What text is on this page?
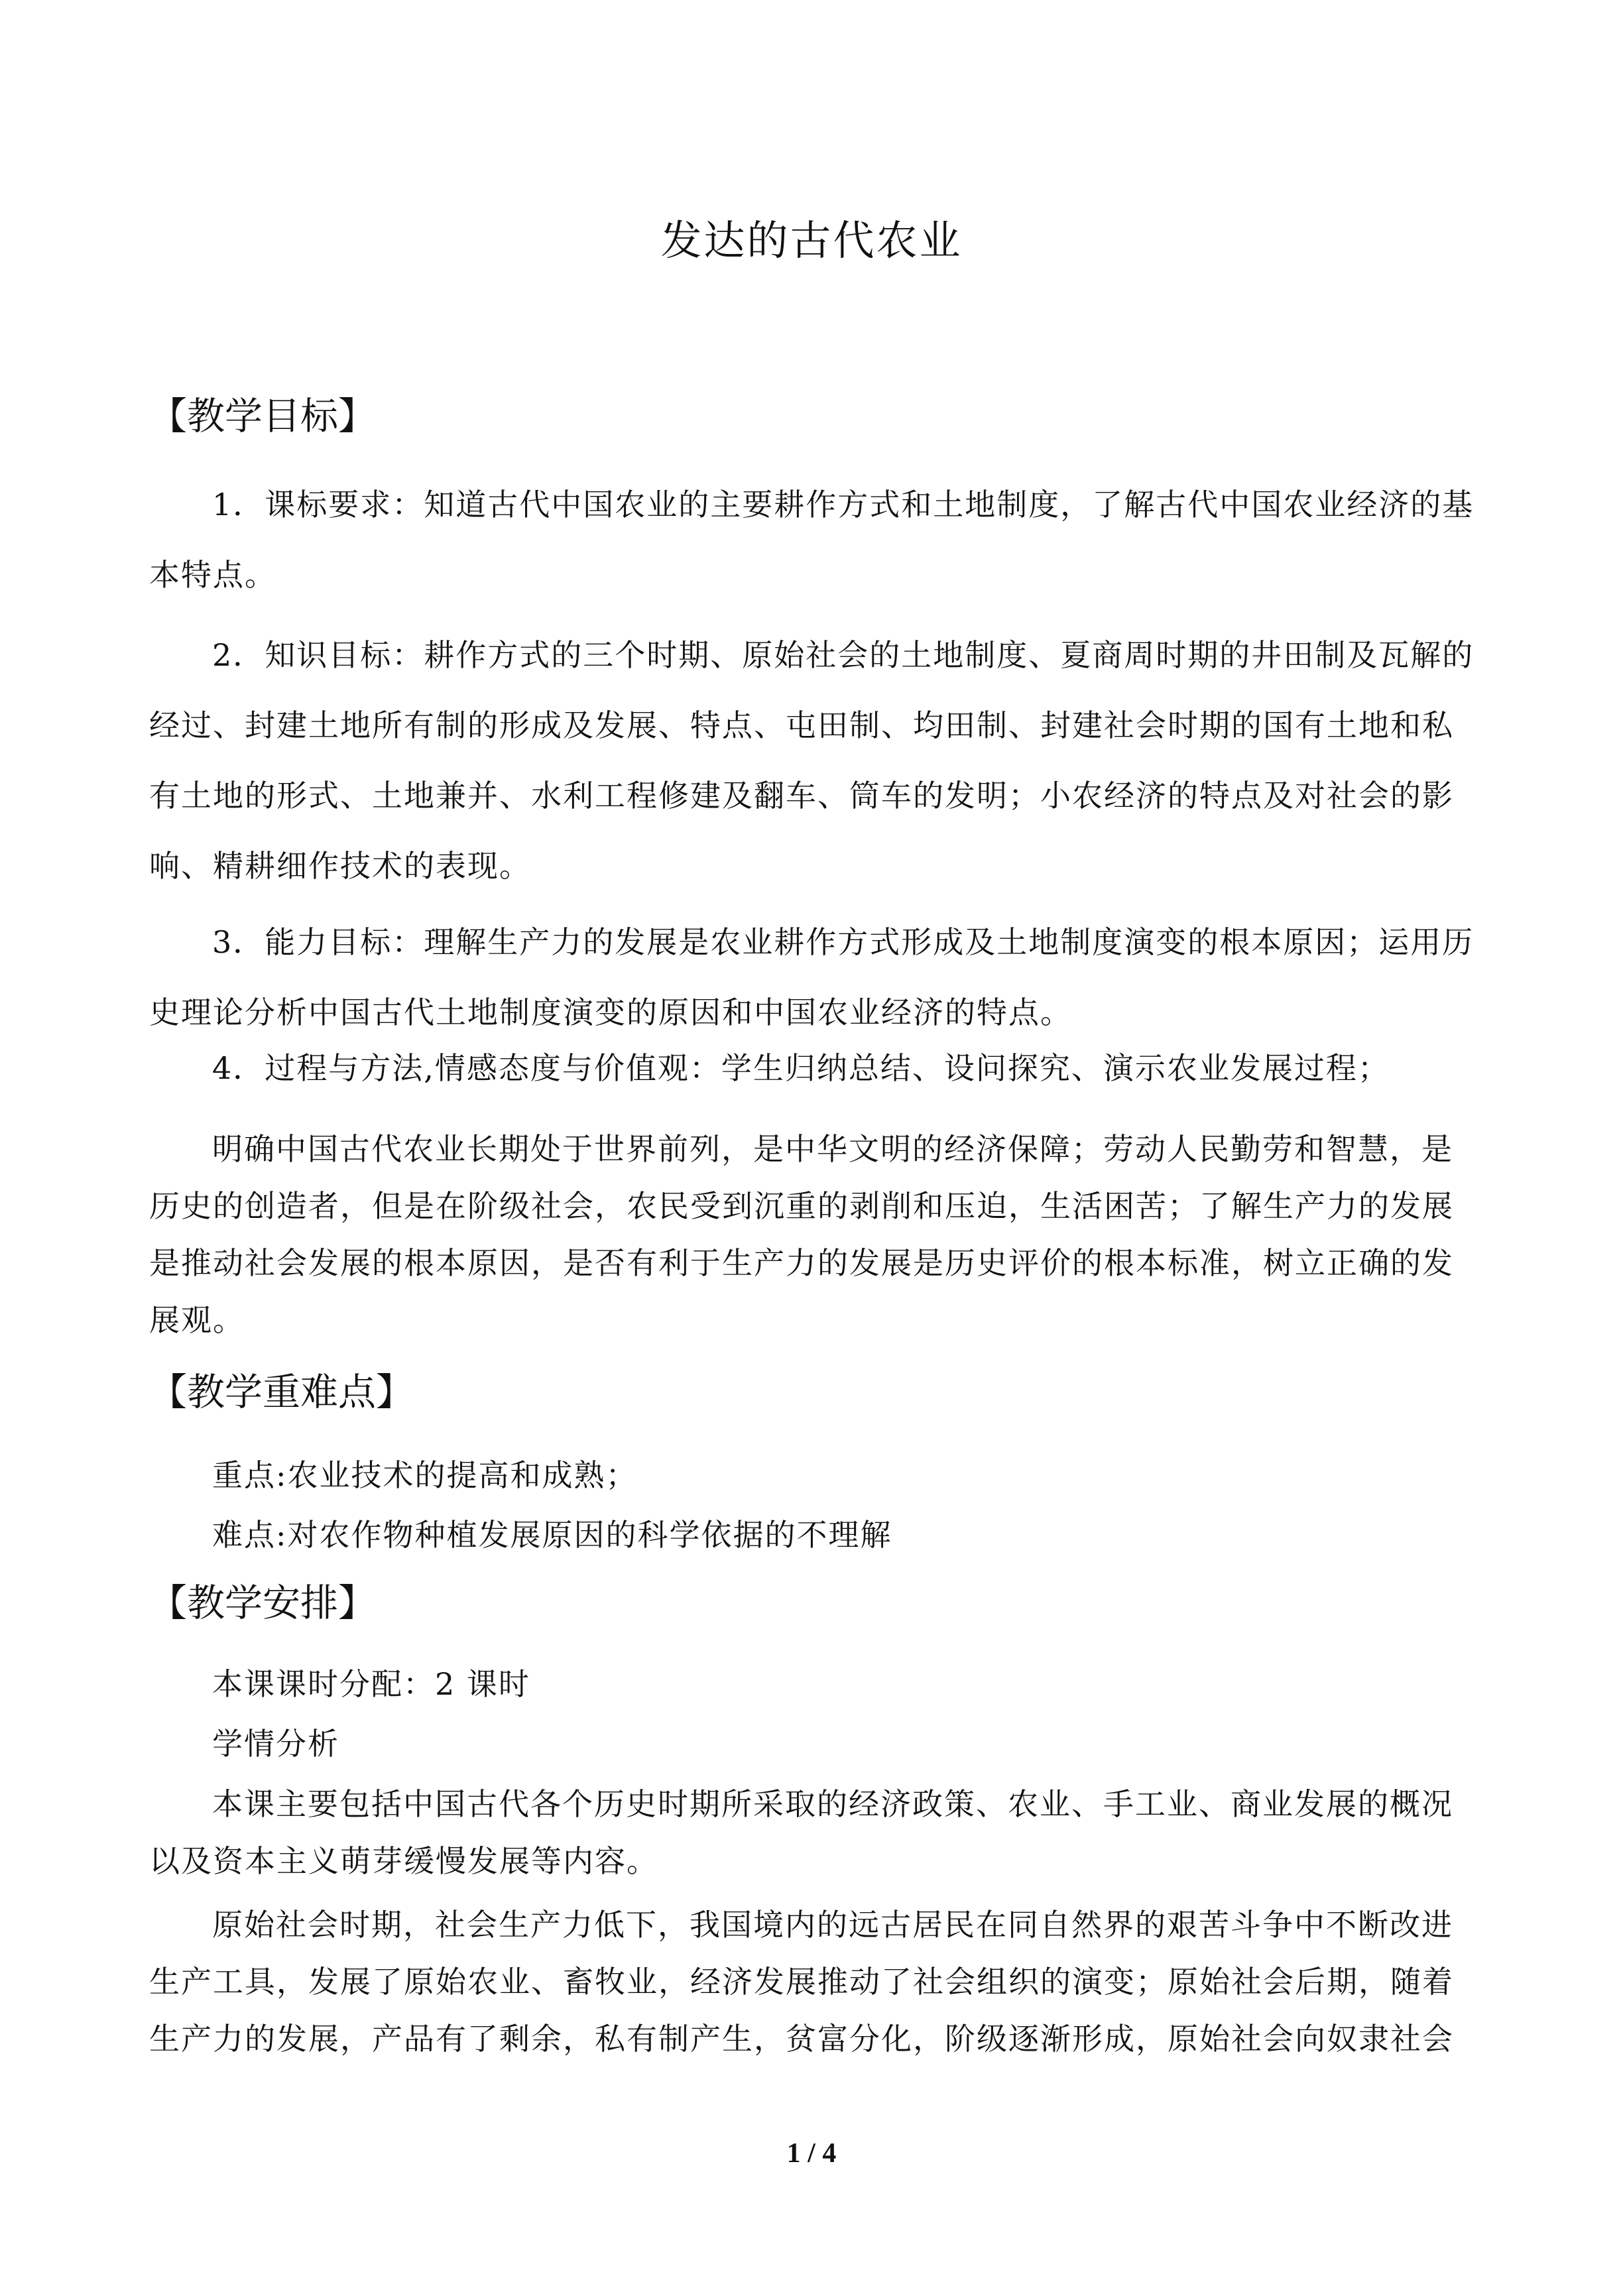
发达的古代农业
【教学目标】

1．课标要求：知道古代中国农业的主要耕作方式和土地制度，了解古代中国农业经济的基本特点。

2．知识目标：耕作方式的三个时期、原始社会的土地制度、夏商周时期的井田制及瓦解的经过、封建土地所有制的形成及发展、特点、屯田制、均田制、封建社会时期的国有土地和私有土地的形式、土地兼并、水利工程修建及翻车、筒车的发明；小农经济的特点及对社会的影响、精耕细作技术的表现。

3．能力目标：理解生产力的发展是农业耕作方式形成及土地制度演变的根本原因；运用历史理论分析中国古代土地制度演变的原因和中国农业经济的特点。

4．过程与方法,情感态度与价值观：学生归纳总结、设问探究、演示农业发展过程；

明确中国古代农业长期处于世界前列，是中华文明的经济保障；劳动人民勤劳和智慧，是历史的创造者，但是在阶级社会，农民受到沉重的剥削和压迫，生活困苦；了解生产力的发展是推动社会发展的根本原因，是否有利于生产力的发展是历史评价的根本标准，树立正确的发展观。

【教学重难点】
重点:农业技术的提高和成熟；
难点:对农作物种植发展原因的科学依据的不理解
【教学安排】
本课课时分配：2 课时
学情分析

本课主要包括中国古代各个历史时期所采取的经济政策、农业、手工业、商业发展的概况以及资本主义萌芽缓慢发展等内容。

原始社会时期，社会生产力低下，我国境内的远古居民在同自然界的艰苦斗争中不断改进生产工具，发展了原始农业、畜牧业，经济发展推动了社会组织的演变；原始社会后期，随着生产力的发展，产品有了剩余，私有制产生，贫富分化，阶级逐渐形成，原始社会向奴隶社会

1 / 4
